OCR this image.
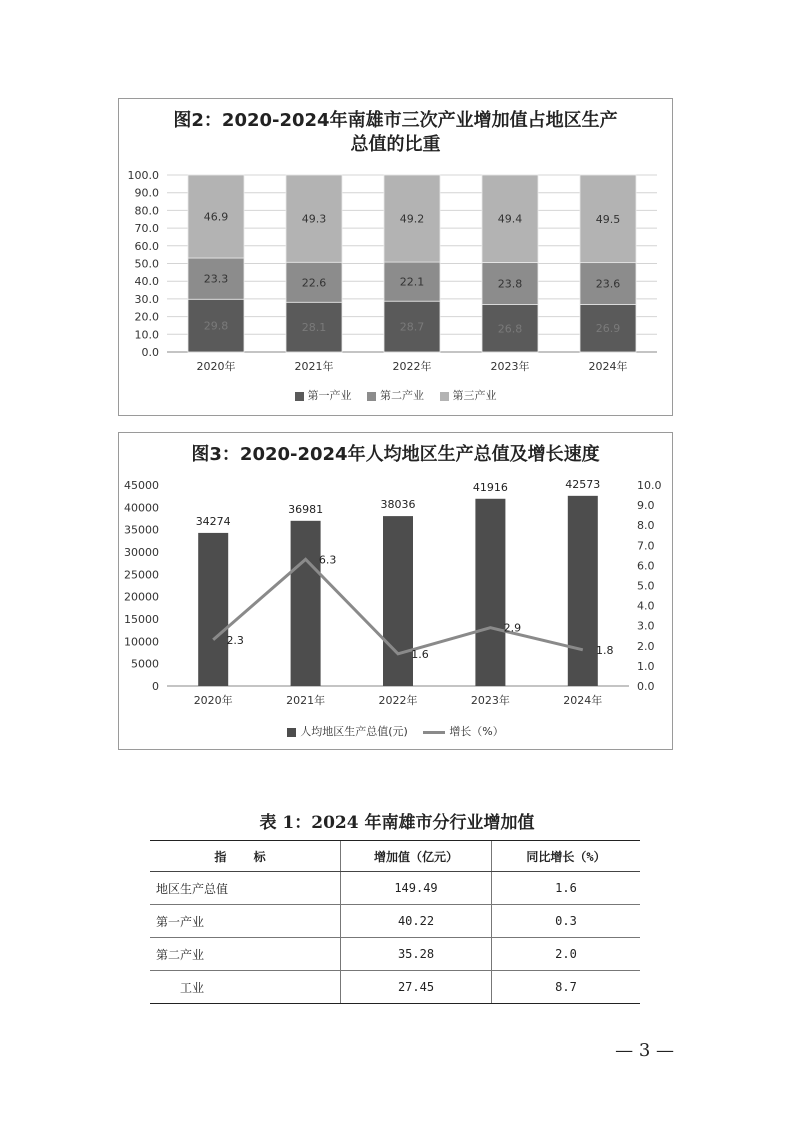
图2：2020-2024年南雄市三次产业增加值占地区生产
总值的比重
0.0
10.0
20.0
30.0
40.0
50.0
60.0
70.0
80.0
90.0
100.0
29.8
23.3
46.9
2020年
28.1
22.6
49.3
2021年
28.7
22.1
49.2
2022年
26.8
23.8
49.4
2023年
26.9
23.6
49.5
2024年
第一产业	第二产业	第三产业
图3：2020-2024年人均地区生产总值及增长速度
0
5000
10000
15000
20000
25000
30000
35000
40000
45000
0.0
1.0
2.0
3.0
4.0
5.0
6.0
7.0
8.0
9.0
10.0
34274
2020年
36981
2021年
38036
2022年
41916
2023年
42573
2024年
2.3
6.3
1.6
2.9
1.8
人均地区生产总值(元)	增长（%）
表 1：2024 年南雄市分行业增加值
指 标	增加值（亿元）	同比增长（%）
地区生产总值	149.49	1.6
第一产业	40.22	0.3
第二产业	35.28	2.0
　　工业	27.45	8.7
— 3 —
